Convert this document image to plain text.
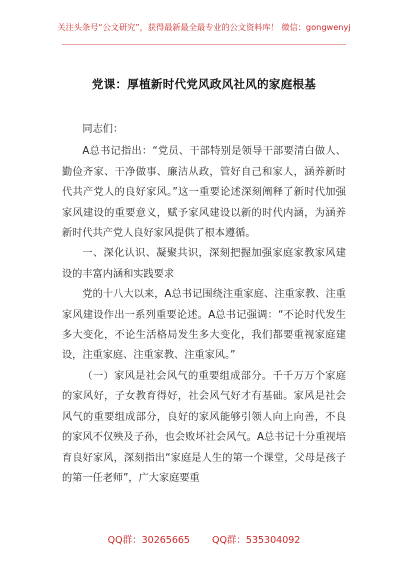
关注头条号“公文研究”，获得最新最全最专业的公文资料库！ 微信：gongwenyj
党课：厚植新时代党风政风社风的家庭根基

同志们：

A总书记指出：“党员、干部特别是领导干部要清白做人、勤俭齐家、干净做事、廉洁从政，管好自己和家人，涵养新时代共产党人的良好家风。”这一重要论述深刻阐释了新时代加强家风建设的重要意义，赋予家风建设以新的时代内涵，为涵养新时代共产党人良好家风提供了根本遵循。

一、深化认识、凝聚共识，深刻把握加强家庭家教家风建设的丰富内涵和实践要求

党的十八大以来，A总书记围绕注重家庭、注重家教、注重家风建设作出一系列重要论述。A总书记强调：“不论时代发生多大变化，不论生活格局发生多大变化，我们都要重视家庭建设，注重家庭、注重家教、注重家风。”

（一）家风是社会风气的重要组成部分。千千万万个家庭的家风好，子女教育得好，社会风气好才有基础。家风是社会风气的重要组成部分，良好的家风能够引领人向上向善，不良的家风不仅殃及子孙，也会败坏社会风气。A总书记十分重视培育良好家风，深刻指出“家庭是人生的第一个课堂，父母是孩子的第一任老师”，广大家庭要重

QQ群：30265665 QQ群：535304092
